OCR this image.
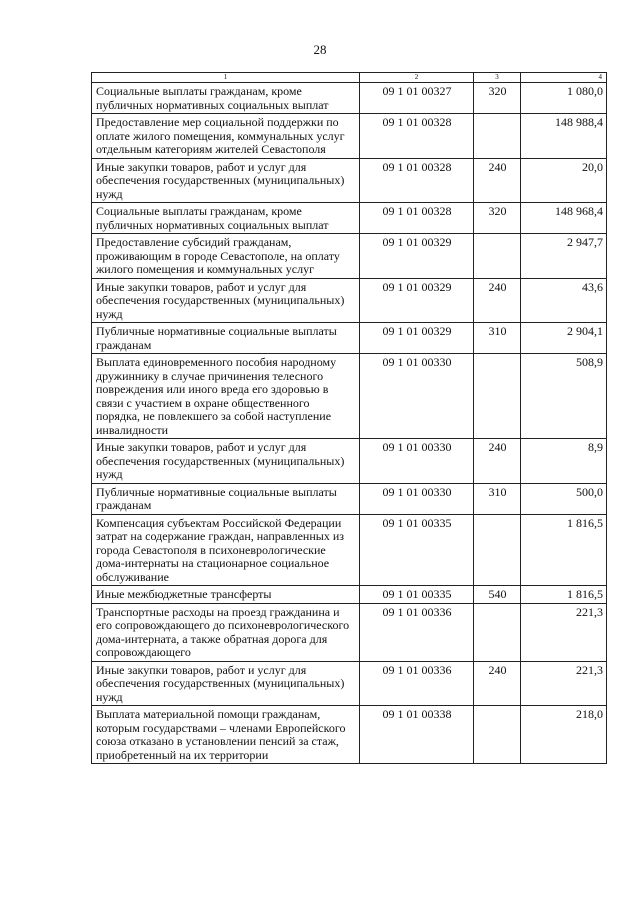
28
1	2	3	4
Социальные выплаты гражданам, кроме публичных нормативных социальных выплат	09 1 01 00327	320	1 080,0
Предоставление мер социальной поддержки по оплате жилого помещения, коммунальных услуг отдельным категориям жителей Севастополя	09 1 01 00328		148 988,4
Иные закупки товаров, работ и услуг для обеспечения государственных (муниципальных) нужд	09 1 01 00328	240	20,0
Социальные выплаты гражданам, кроме публичных нормативных социальных выплат	09 1 01 00328	320	148 968,4
Предоставление субсидий гражданам, проживающим в городе Севастополе, на оплату жилого помещения и коммунальных услуг	09 1 01 00329		2 947,7
Иные закупки товаров, работ и услуг для обеспечения государственных (муниципальных) нужд	09 1 01 00329	240	43,6
Публичные нормативные социальные выплаты гражданам	09 1 01 00329	310	2 904,1
Выплата единовременного пособия народному дружиннику в случае причинения телесного повреждения или иного вреда его здоровью в связи с участием в охране общественного порядка, не повлекшего за собой наступление инвалидности	09 1 01 00330		508,9
Иные закупки товаров, работ и услуг для обеспечения государственных (муниципальных) нужд	09 1 01 00330	240	8,9
Публичные нормативные социальные выплаты гражданам	09 1 01 00330	310	500,0
Компенсация субъектам Российской Федерации затрат на содержание граждан, направленных из города Севастополя в психоневрологические дома-интернаты на стационарное социальное обслуживание	09 1 01 00335		1 816,5
Иные межбюджетные трансферты	09 1 01 00335	540	1 816,5
Транспортные расходы на проезд гражданина и его сопровождающего до психоневрологического дома-интерната, а также обратная дорога для сопровождающего	09 1 01 00336		221,3
Иные закупки товаров, работ и услуг для обеспечения государственных (муниципальных) нужд	09 1 01 00336	240	221,3
Выплата материальной помощи гражданам, которым государствами – членами Европейского союза отказано в установлении пенсий за стаж, приобретенный на их территории	09 1 01 00338		218,0
